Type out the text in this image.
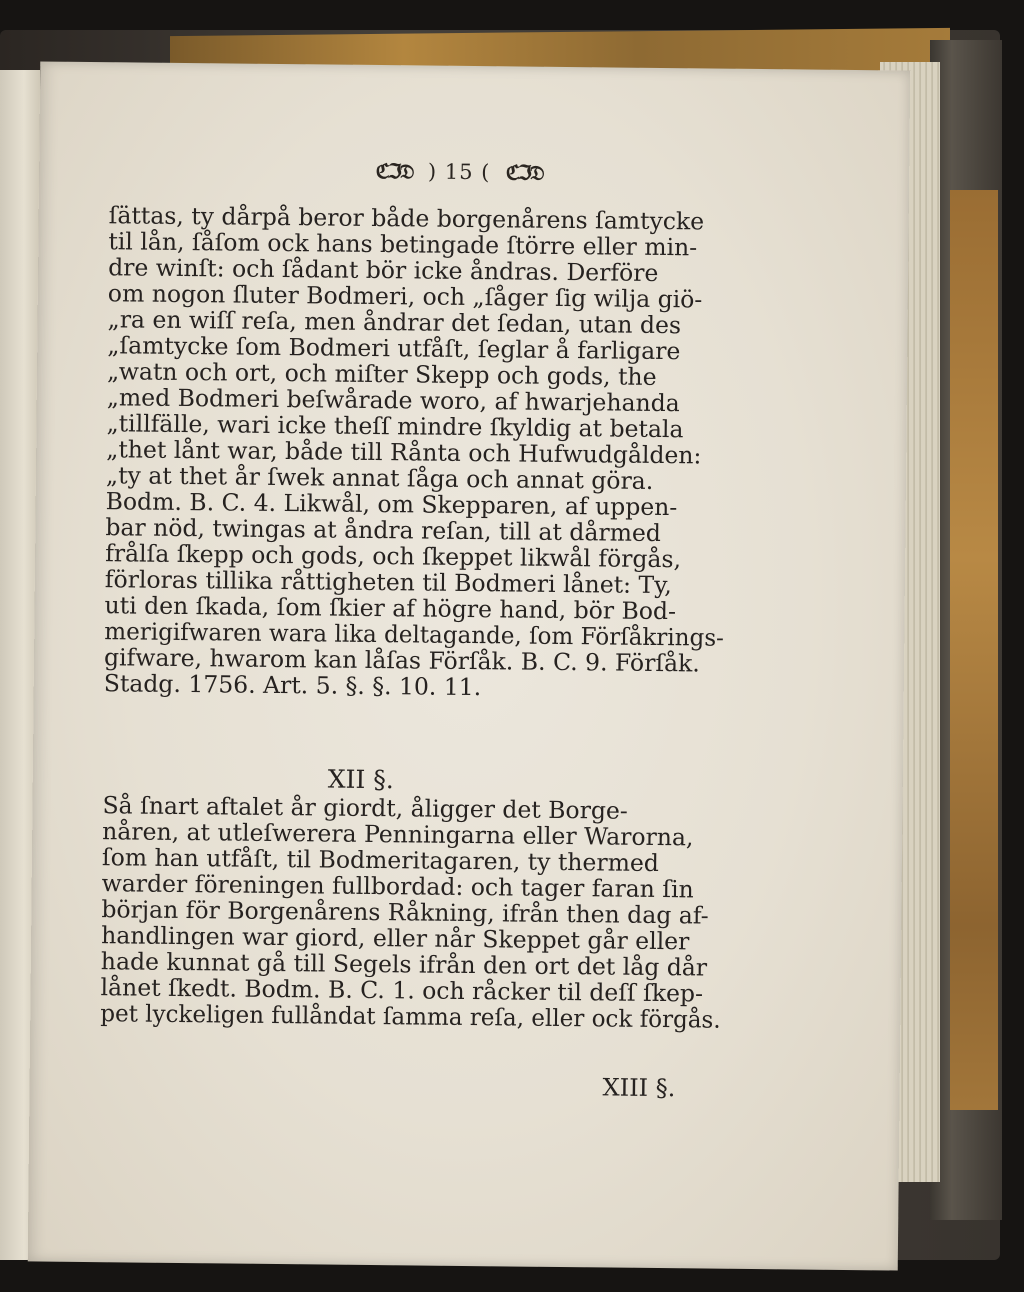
ℭℑ𝔇 ) 15 ( ℭℑ𝔇
ſättas, ty dårpå beror både borgenårens ſamtycke
til lån, ſåſom ock hans betingade ſtörre eller min-
dre winſt: och ſådant bör icke åndras. Derföre
om nogon ſluter Bodmeri, och „ſåger ſig wilja giö-
„ra en wiſſ reſa, men åndrar det ſedan, utan des
„ſamtycke ſom Bodmeri utfåſt, ſeglar å farligare
„watn och ort, och miſter Skepp och gods, the
„med Bodmeri beſwårade woro, af hwarjehanda
„tillfälle, wari icke theſſ mindre ſkyldig at betala
„thet lånt war, både till Rånta och Hufwudgålden:
„ty at thet år ſwek annat ſåga och annat göra.
Bodm. B. C. 4. Likwål, om Skepparen, af uppen-
bar nöd, twingas at åndra reſan, till at dårmed
frålſa ſkepp och gods, och ſkeppet likwål förgås,
förloras tillika råttigheten til Bodmeri lånet: Ty,
uti den ſkada, ſom ſkier af högre hand, bör Bod-
merigifwaren wara lika deltagande, ſom Förſåkrings-
gifware, hwarom kan låſas Förſåk. B. C. 9. Förſåk.
Stadg. 1756. Art. 5. §. §. 10. 11.
XII §.
Så ſnart aftalet år giordt, åligger det Borge-
nåren, at utleſwerera Penningarna eller Warorna,
ſom han utfåſt, til Bodmeritagaren, ty thermed
warder föreningen fullbordad: och tager faran ſin
början för Borgenårens Råkning, ifrån then dag af-
handlingen war giord, eller når Skeppet går eller
hade kunnat gå till Segels ifrån den ort det låg dår
lånet ſkedt. Bodm. B. C. 1. och råcker til deſſ ſkep-
pet lyckeligen fullåndat ſamma reſa, eller ock förgås.
XIII §.
